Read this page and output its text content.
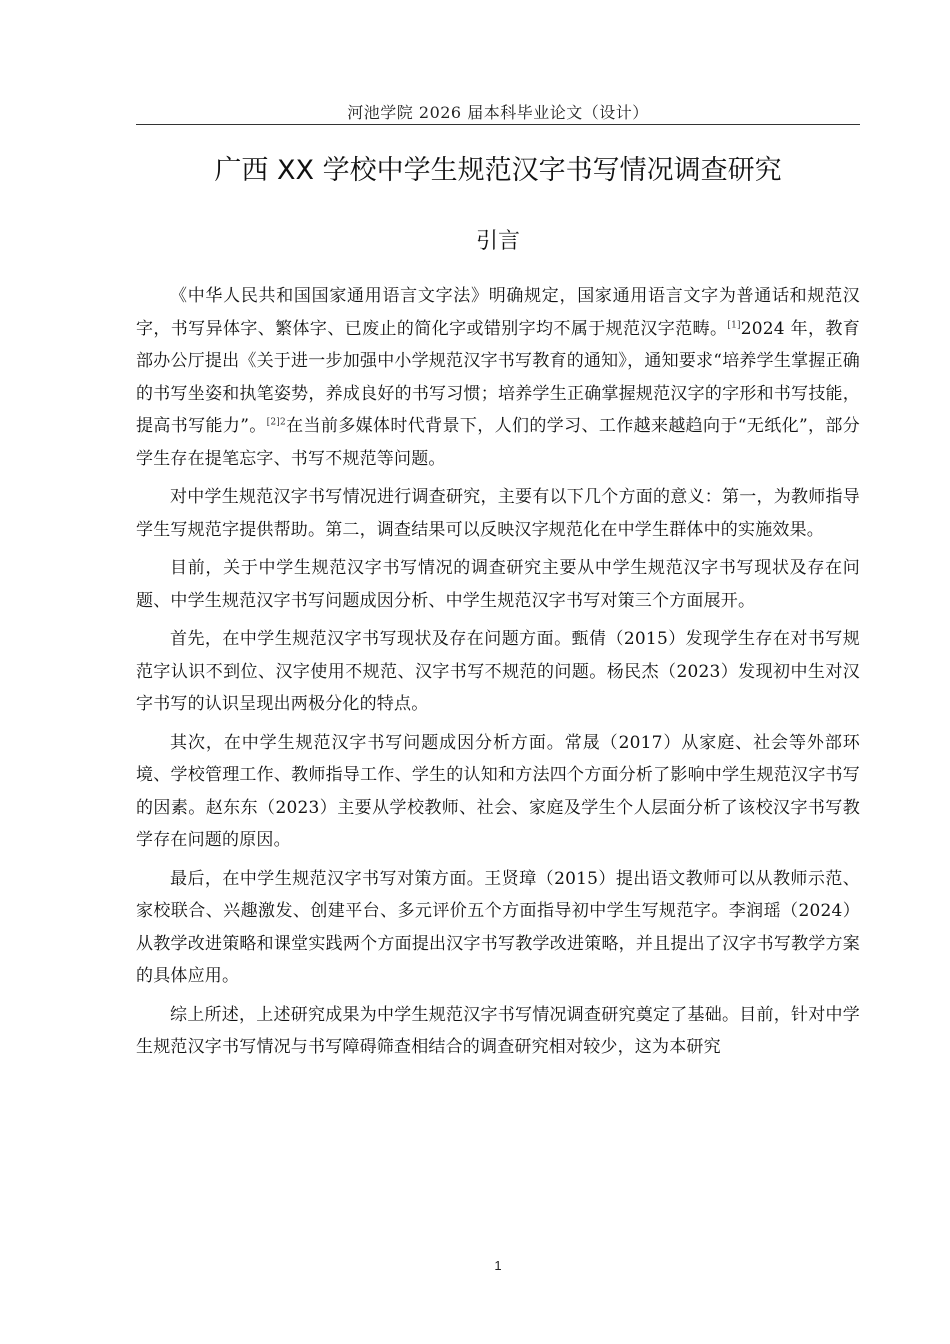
河池学院 2026 届本科毕业论文（设计）
广西 XX 学校中学生规范汉字书写情况调查研究
引言

《中华人民共和国国家通用语言文字法》明确规定，国家通用语言文字为普通话和规范汉字，书写异体字、繁体字、已废止的简化字或错别字均不属于规范汉字范畴。[1]2024 年，教育部办公厅提出《关于进一步加强中小学规范汉字书写教育的通知》，通知要求“培养学生掌握正确的书写坐姿和执笔姿势，养成良好的书写习惯；培养学生正确掌握规范汉字的字形和书写技能，提高书写能力”。$^{[2]2}$在当前多媒体时代背景下，人们的学习、工作越来越趋向于“无纸化”，部分学生存在提笔忘字、书写不规范等问题。

对中学生规范汉字书写情况进行调查研究，主要有以下几个方面的意义：第一，为教师指导学生写规范字提供帮助。第二，调查结果可以反映汉字规范化在中学生群体中的实施效果。

目前，关于中学生规范汉字书写情况的调查研究主要从中学生规范汉字书写现状及存在问题、中学生规范汉字书写问题成因分析、中学生规范汉字书写对策三个方面展开。

首先，在中学生规范汉字书写现状及存在问题方面。甄倩（2015）发现学生存在对书写规范字认识不到位、汉字使用不规范、汉字书写不规范的问题。杨民杰（2023）发现初中生对汉字书写的认识呈现出两极分化的特点。

其次，在中学生规范汉字书写问题成因分析方面。常晟（2017）从家庭、社会等外部环境、学校管理工作、教师指导工作、学生的认知和方法四个方面分析了影响中学生规范汉字书写的因素。赵东东（2023）主要从学校教师、社会、家庭及学生个人层面分析了该校汉字书写教学存在问题的原因。

最后，在中学生规范汉字书写对策方面。王贤璋（2015）提出语文教师可以从教师示范、家校联合、兴趣激发、创建平台、多元评价五个方面指导初中学生写规范字。李润瑶（2024）从教学改进策略和课堂实践两个方面提出汉字书写教学改进策略，并且提出了汉字书写教学方案的具体应用。

综上所述，上述研究成果为中学生规范汉字书写情况调查研究奠定了基础。目前，针对中学生规范汉字书写情况与书写障碍筛查相结合的调查研究相对较少，这为本研究

1
